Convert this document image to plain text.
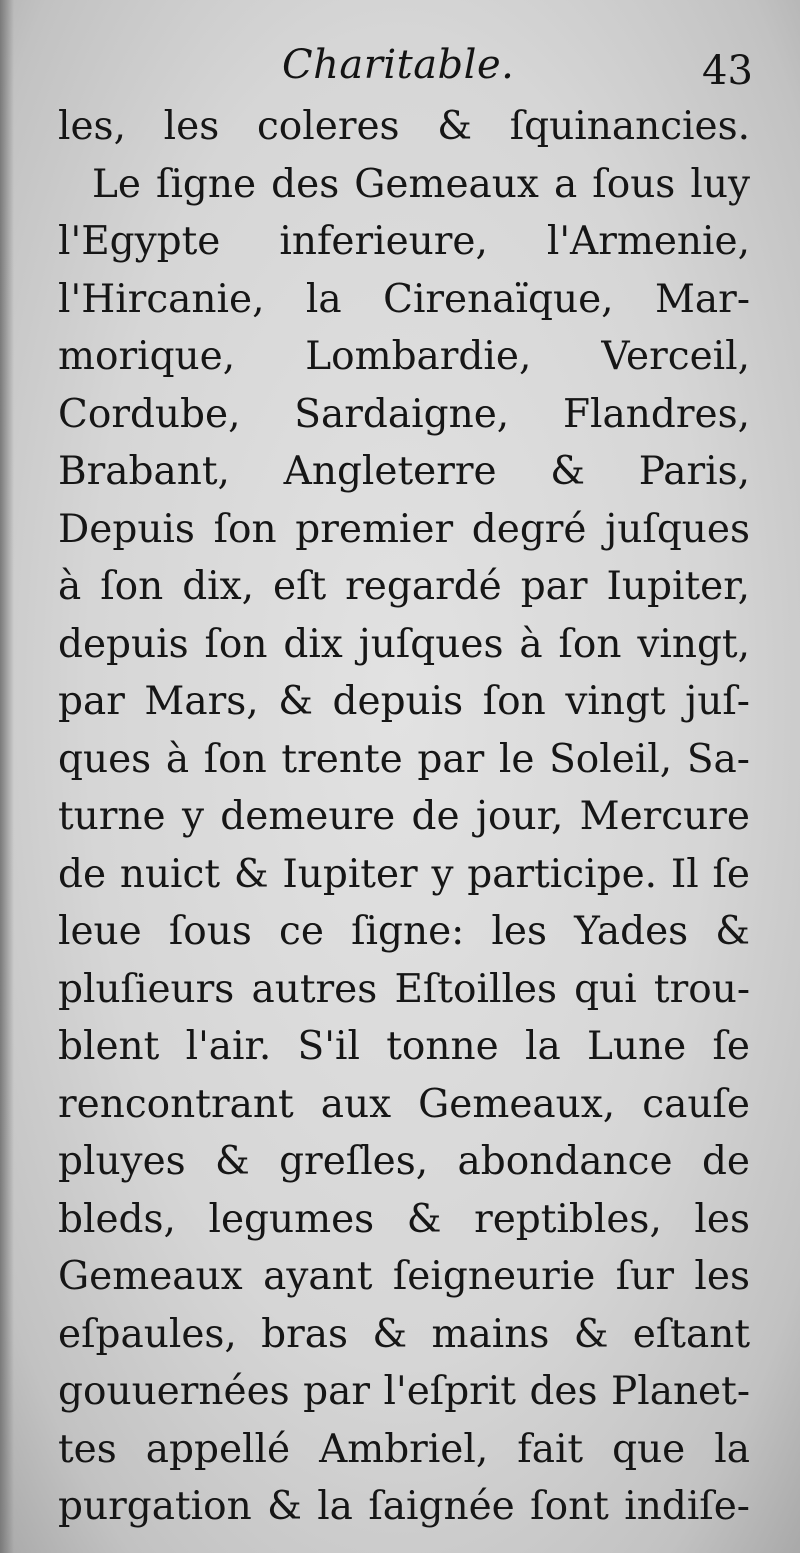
Charitable.	43
les, les coleres & ſquinancies.
Le ſigne des Gemeaux a ſous luy
l'Egypte inferieure, l'Armenie,
l'Hircanie, la Cirenaïque, Mar-
morique, Lombardie, Verceil,
Cordube, Sardaigne, Flandres,
Brabant, Angleterre & Paris,
Depuis ſon premier degré juſques
à ſon dix, eſt regardé par Iupiter,
depuis ſon dix juſques à ſon vingt,
par Mars, & depuis ſon vingt juſ-
ques à ſon trente par le Soleil, Sa-
turne y demeure de jour, Mercure
de nuict & Iupiter y participe. Il ſe
leue ſous ce ſigne: les Yades &
pluſieurs autres Eſtoilles qui trou-
blent l'air. S'il tonne la Lune ſe
rencontrant aux Gemeaux, cauſe
pluyes & greſles, abondance de
bleds, legumes & reptibles, les
Gemeaux ayant ſeigneurie ſur les
eſpaules, bras & mains & eſtant
gouuernées par l'eſprit des Planet-
tes appellé Ambriel, fait que la
purgation & la ſaignée ſont indiſe-
